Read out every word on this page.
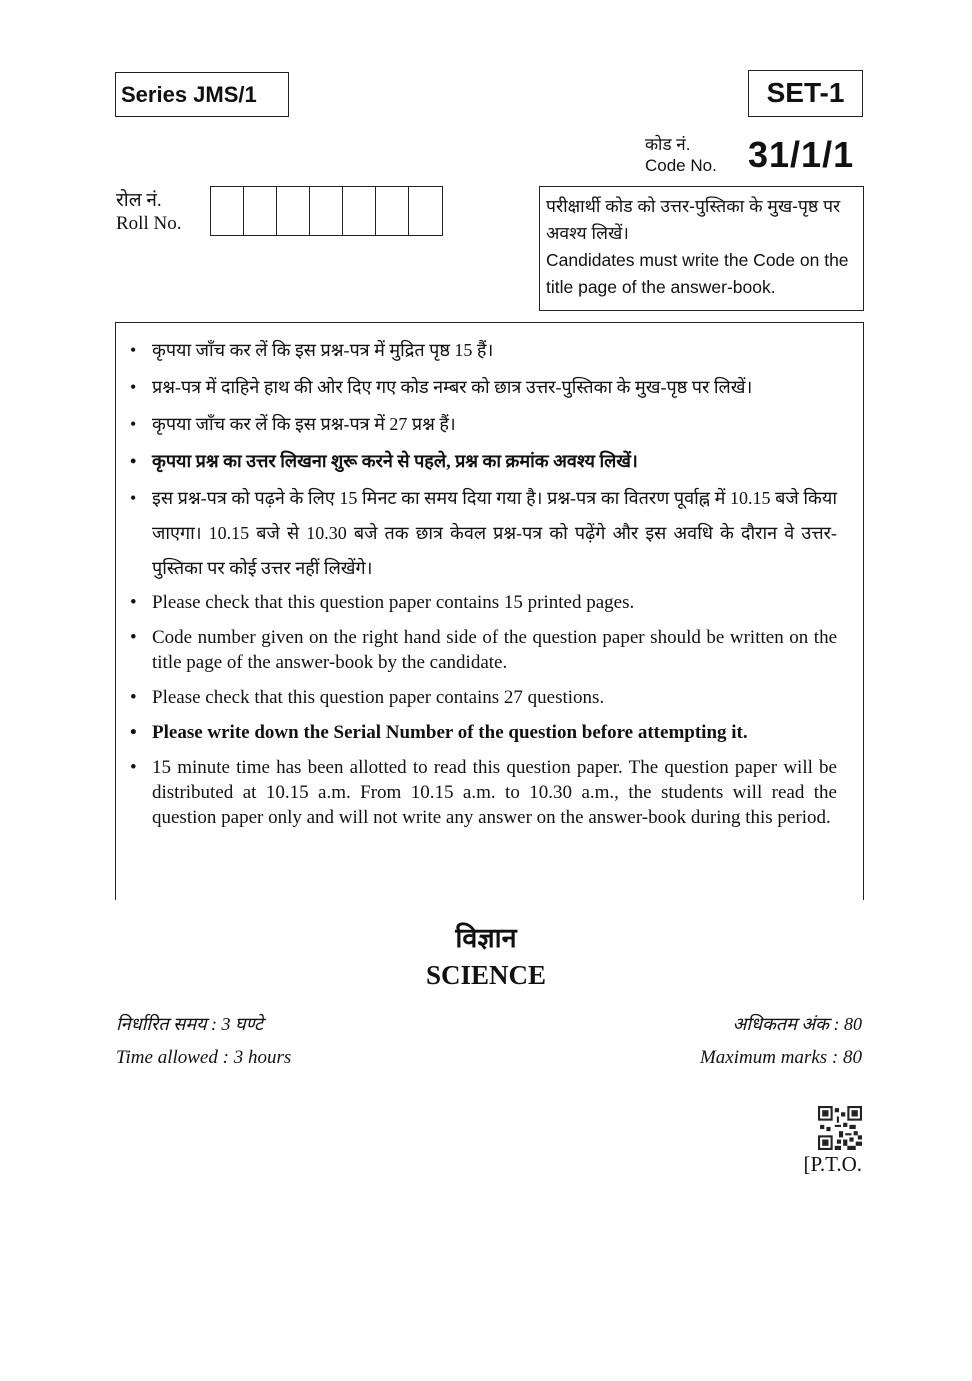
Series JMS/1	SET-1
कोड नं.
Code No. 31/1/1
रोल नं.
Roll No.
परीक्षार्थी कोड को उत्तर-पुस्तिका के मुख-पृष्ठ पर अवश्य लिखें।
Candidates must write the Code on the title page of the answer-book.
• कृपया जाँच कर लें कि इस प्रश्न-पत्र में मुद्रित पृष्ठ 15 हैं।
• प्रश्न-पत्र में दाहिने हाथ की ओर दिए गए कोड नम्बर को छात्र उत्तर-पुस्तिका के मुख-पृष्ठ पर लिखें।
• कृपया जाँच कर लें कि इस प्रश्न-पत्र में 27 प्रश्न हैं।
• कृपया प्रश्न का उत्तर लिखना शुरू करने से पहले, प्रश्न का क्रमांक अवश्य लिखें।
• इस प्रश्न-पत्र को पढ़ने के लिए 15 मिनट का समय दिया गया है। प्रश्न-पत्र का वितरण पूर्वाह्न में 10.15 बजे किया जाएगा। 10.15 बजे से 10.30 बजे तक छात्र केवल प्रश्न-पत्र को पढ़ेंगे और इस अवधि के दौरान वे उत्तर-पुस्तिका पर कोई उत्तर नहीं लिखेंगे।
• Please check that this question paper contains 15 printed pages.
• Code number given on the right hand side of the question paper should be written on the title page of the answer-book by the candidate.
• Please check that this question paper contains 27 questions.
• Please write down the Serial Number of the question before attempting it.
• 15 minute time has been allotted to read this question paper. The question paper will be distributed at 10.15 a.m. From 10.15 a.m. to 10.30 a.m., the students will read the question paper only and will not write any answer on the answer-book during this period.
विज्ञान
SCIENCE
निर्धारित समय : 3 घण्टे
Time allowed : 3 hours
अधिकतम अंक : 80
Maximum marks : 80
[P.T.O.
